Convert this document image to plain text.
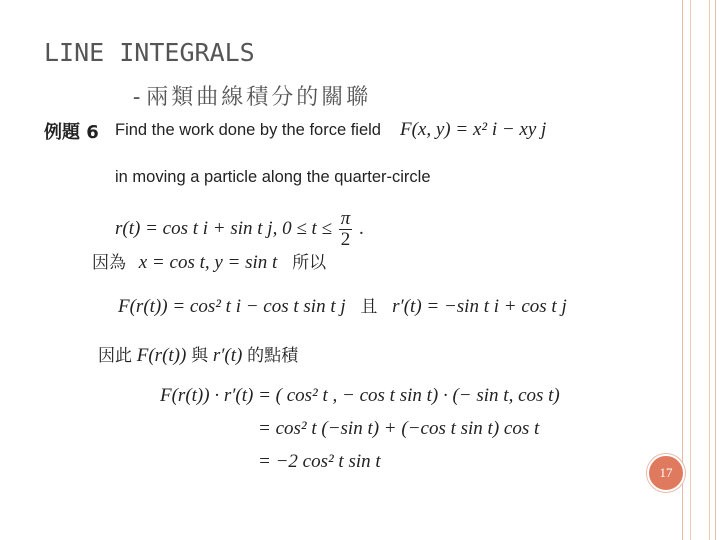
LINE INTEGRALS
-兩類曲線積分的關聯
例題 6 Find the work done by the force field F(x, y) = x² i − xy j
in moving a particle along the quarter-circle
r(t) = cos t i + sin t j, $0 \le t \le \frac{\pi}{2}$ .
因為 x = cos t, y = sin t 所以
F(r(t)) = cos² t i − cos t sin t j 且 r′(t) = −sin t i + cos t j
因此 F(r(t)) 與 r′(t) 的點積
F(r(t)) · r′(t) = ( cos² t , − cos t sin t) · (− sin t, cos t)
= cos² t (−sin t) + (−cos t sin t) cos t
= −2 cos² t sin t
17
